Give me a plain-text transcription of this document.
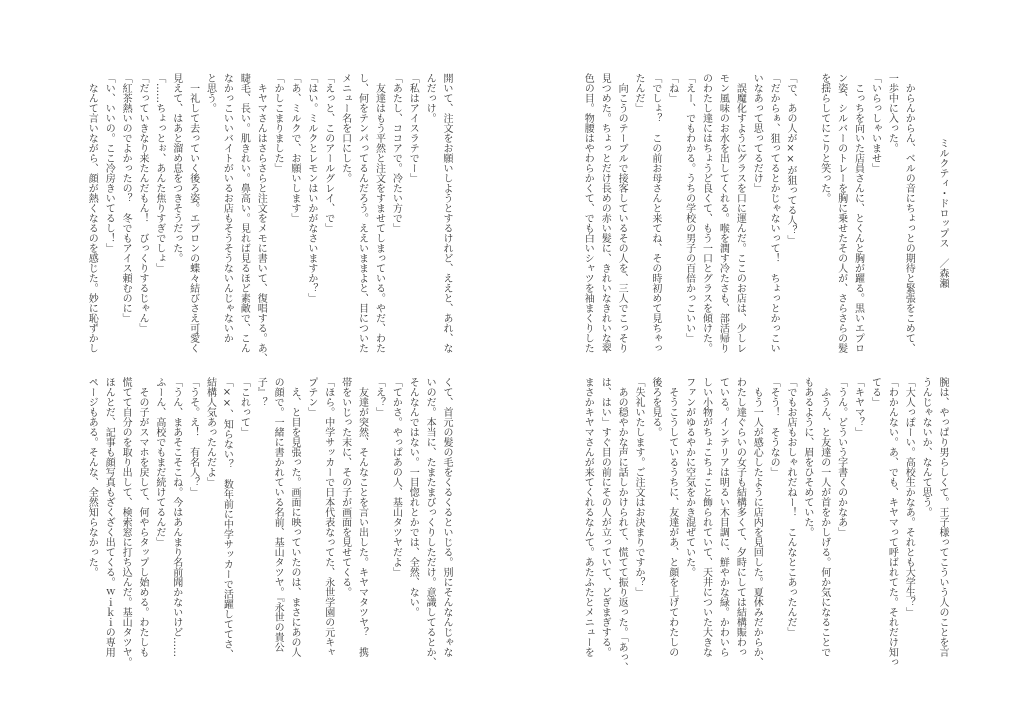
ミルクティ・ドロップス／森瀬
　からんからん、ベルの音にちょっとの期待と緊張をこめて、
一歩中に入った。
「いらっしゃいませ」
　こっちを向いた店員さんに、とくんと胸が躍る。黒いエプロ
ン姿、シルバーのトレーを胸に乗せたその人が、さらさらの髪
を揺らしてにこりと笑った。
「で、あの人が××が狙ってる人？」
「だからぁ、狙ってるとかじゃないって！　ちょっとかっこい
いなあって思ってるだけ」
　誤魔化すようにグラスを口に運んだ。ここのお店は、少しレ
モン風味のお水を出してくれる。喉を潤す冷たさも、部活帰り
のわたし達にはちょうど良くて、もう一口とグラスを傾けた。
「えー、でもわかる。うちの学校の男子の百倍かっこいい」
「ね」
「でしょ？　この前お母さんと来てね、その時初めて見ちゃっ
たんだ」
　向こうのテーブルで接客しているその人を、三人でこっそり
見つめた。ちょっとだけ長めの赤い髪に、きれいなきれいな翠
色の目。物腰はやわらかくて、でも白いシャツを袖まくりした
腕は、やっぱり男らしくて。王子様ってこういう人のことを言
うんじゃないか、なんて思う。
「大人っぽーい。高校生かなあ。それとも大学生？」
「わかんない。あ、でも、キヤマって呼ばれてた。それだけ知っ
てる」
「キヤマ？」
「うん。どういう字書くのかなあ」
　ふうん、と友達の一人が首をかしげる。何か気になることで
もあるように、眉をひそめていた。
「でもお店もおしゃれだねー！　こんなとこあったんだ」
「そう！　そうなの」
　もう一人が感心したように店内を見回した。夏休みだからか、
わたし達ぐらいの女子も結構多くて、夕時にしては結構賑わっ
ている。インテリアは明るい木目調に、鮮やかな緑。かわいら
しい小物がちょこちょこと飾られていて、天井についた大きな
ファンがゆるやかに空気をかき混ぜていた。
　そうこうしているうちに、友達があ、と顔を上げてわたしの
後ろを見る。
「失礼いたします。ご注文はお決まりですか？」
　あの穏やかな声に話しかけられて、慌てて振り返った。「あっ、
は、はい」すぐ目の前にその人が立っていて、どぎまぎする。
まさかキヤマさんが来てくれるなんて。あたふたとメニューを
開いて、注文をお願いしようとするけれど、ええと、あれ、な
んだっけ。
「私はアイスラテでー」
「あたし、ココアで。冷たい方で」
　友達はもう平然と注文をすませてしまっている。やだ、わた
し、何をテンパってるんだろう。ええいままよと、目についた
メニュー名を口にした。
「えっと、このアールグレイ、で」
「はい。ミルクとレモンはいかがなさいますか？」
「あ、ミルクで、お願いします」
「かしこまりました」
　キヤマさんはさらさらと注文をメモに書いて、復唱する。あ、
睫毛、長い。肌きれい。鼻高い。見れば見るほど素敵で、こん
なかっこいいバイトがいるお店もそうそうないんじゃないか
と思う。
　一礼して去っていく後ろ姿。エプロンの蝶々結びさえ可愛く
見えて、はあと溜め息をつきそうだった。
「……ちょっとぉ、あんた焦りすぎでしょ」
「だっていきなり来たんだもん！　びっくりするじゃん」
「紅茶熱いのでよかったの？　冬でもアイス頼むのに」
「い、いいの。ここ冷房きいてるし！」
　なんて言いながら、顔が熱くなるのを感じた。妙に恥ずかし
くて、首元の髪の毛をくるくるといじる。別にそんなんじゃな
いのだ。本当に、たまたまびっくりしただけ。意識してるとか、
そんなんではない。一目惚れとかでは、全然、ない。
「てかさ。やっぱあの人、基山タツヤだよ」
「え？」
　友達が突然、そんなことを言い出した。キヤマタツヤ？　携
帯をいじった末に、その子が画面を見せてくる。
「ほら。中学サッカーで日本代表なってた、永世学園の元キャ
プテン」
　え、と目を見張った。画面に映っていたのは、まさにあの人
の顔で。一緒に書かれている名前、基山タツヤ。『永世の貴公
子』？
「これって」
「××、知らない？　数年前に中学サッカーで活躍しててさ、
結構人気あったんだよ」
「うそ。え！　有名人？」
「うん、まあそこそこね。今はあんまり名前聞かないけど……
ふーん、高校でもまだ続けてるんだ」
　その子がスマホを戻して、何やらタップし始める。わたしも
慌てて自分のを取り出して、検索窓に打ち込んだ。基山タツヤ。
ほんとだ、記事も顔写真もざくざく出てくる。ｗｉｋｉの専用
ページもある。そんな、全然知らなかった。
